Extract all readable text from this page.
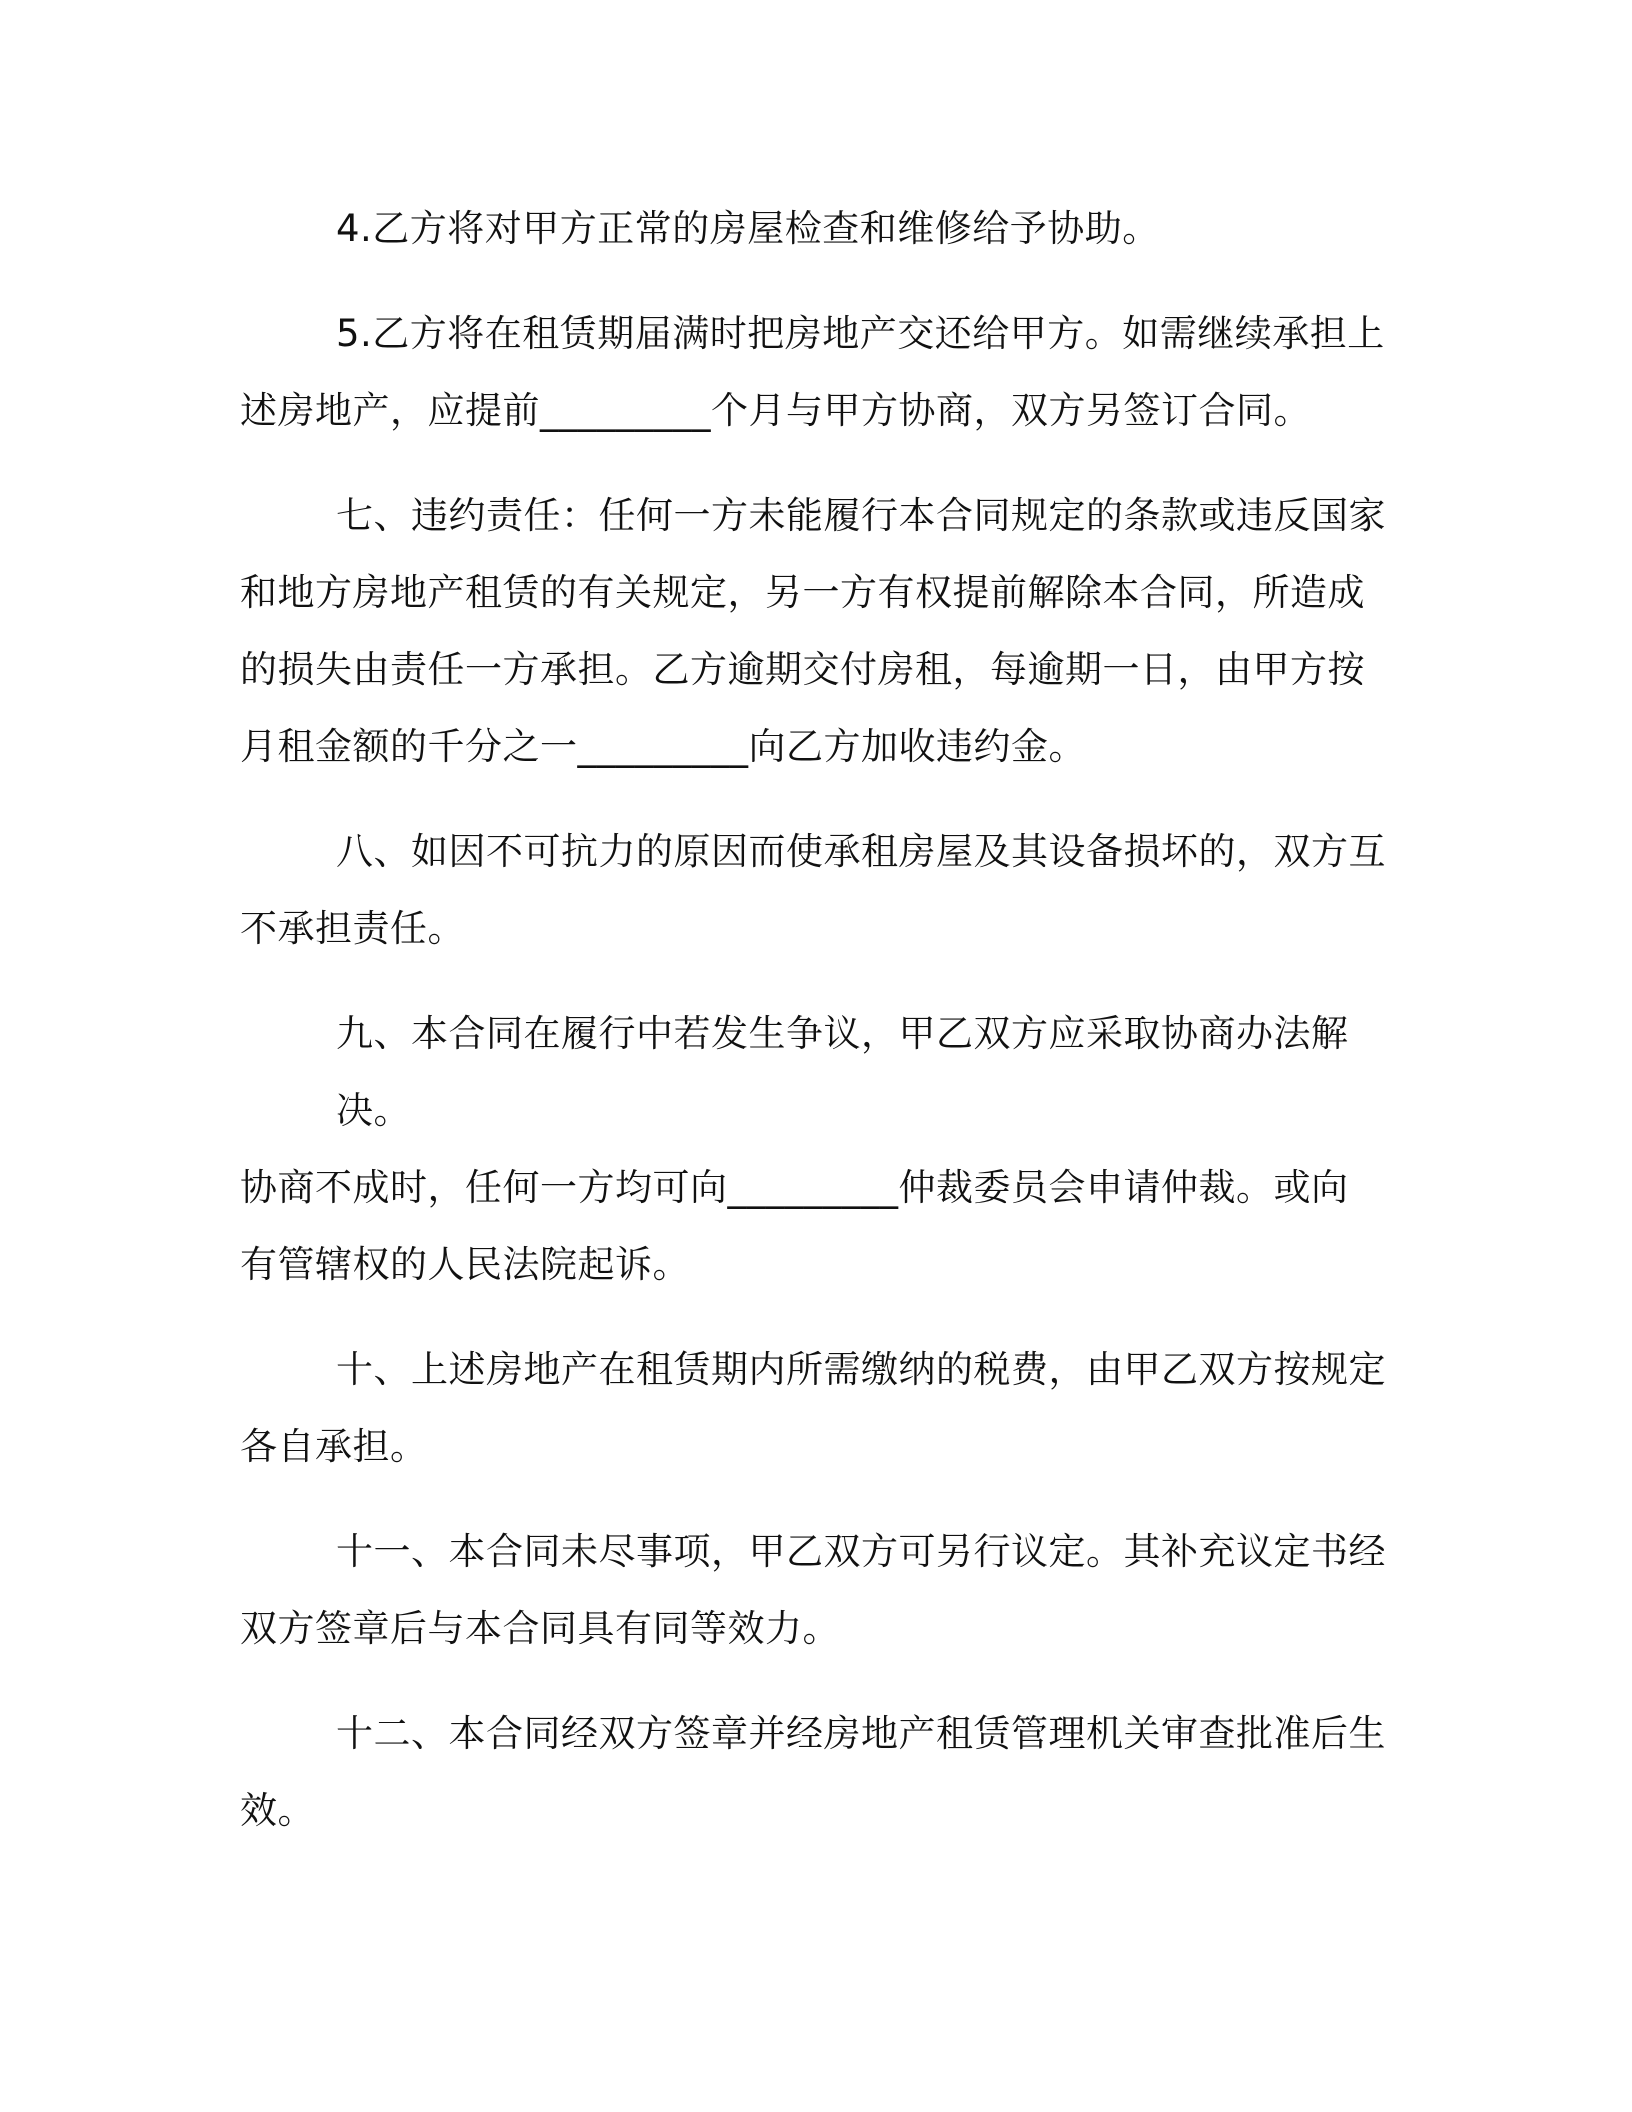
4.乙方将对甲方正常的房屋检查和维修给予协助。
5.乙方将在租赁期届满时把房地产交还给甲方。如需继续承担上
述房地产，应提前_________个月与甲方协商，双方另签订合同。
七、违约责任：任何一方未能履行本合同规定的条款或违反国家
和地方房地产租赁的有关规定，另一方有权提前解除本合同，所造成
的损失由责任一方承担。乙方逾期交付房租，每逾期一日，由甲方按
月租金额的千分之一_________向乙方加收违约金。
八、如因不可抗力的原因而使承租房屋及其设备损坏的，双方互
不承担责任。
九、本合同在履行中若发生争议，甲乙双方应采取协商办法解决。
协商不成时，任何一方均可向_________仲裁委员会申请仲裁。或向
有管辖权的人民法院起诉。
十、上述房地产在租赁期内所需缴纳的税费，由甲乙双方按规定
各自承担。
十一、本合同未尽事项，甲乙双方可另行议定。其补充议定书经
双方签章后与本合同具有同等效力。
十二、本合同经双方签章并经房地产租赁管理机关审查批准后生
效。
